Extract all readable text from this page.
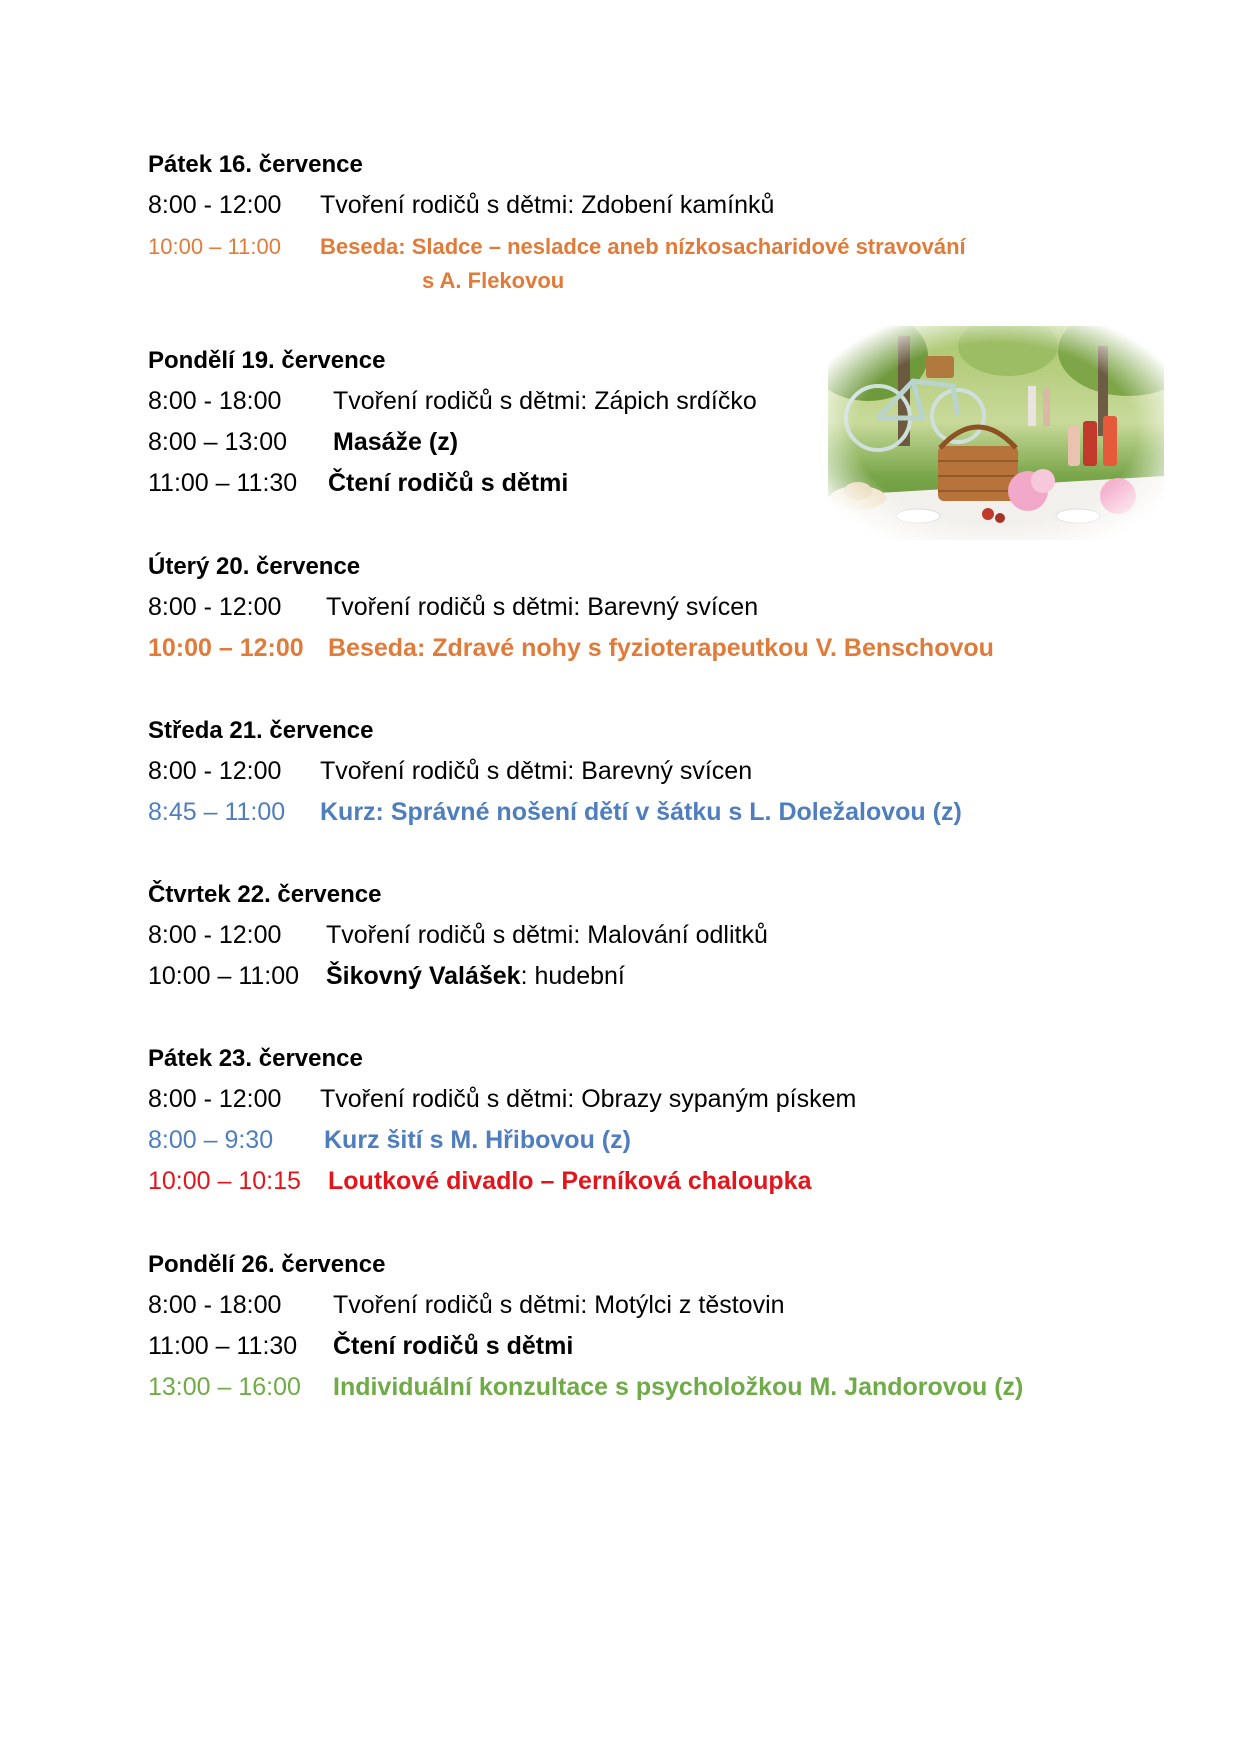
Pátek 16. července
8:00 - 12:00 Tvoření rodičů s dětmi: Zdobení kamínků
10:00 – 11:00 Beseda: Sladce – nesladce aneb nízkosacharidové stravování
s A. Flekovou
Pondělí 19. července
8:00 - 18:00 Tvoření rodičů s dětmi: Zápich srdíčko
8:00 – 13:00 Masáže (z)
11:00 – 11:30 Čtení rodičů s dětmi
Úterý 20. července
8:00 - 12:00 Tvoření rodičů s dětmi: Barevný svícen
10:00 – 12:00 Beseda: Zdravé nohy s fyzioterapeutkou V. Benschovou
Středa 21. července
8:00 - 12:00 Tvoření rodičů s dětmi: Barevný svícen
8:45 – 11:00 Kurz: Správné nošení dětí v šátku s L. Doležalovou (z)
Čtvrtek 22. července
8:00 - 12:00 Tvoření rodičů s dětmi: Malování odlitků
10:00 – 11:00 Šikovný Valášek: hudební
Pátek 23. července
8:00 - 12:00 Tvoření rodičů s dětmi: Obrazy sypaným pískem
8:00 – 9:30 Kurz šití s M. Hřibovou (z)
10:00 – 10:15 Loutkové divadlo – Perníková chaloupka
Pondělí 26. července
8:00 - 18:00 Tvoření rodičů s dětmi: Motýlci z těstovin
11:00 – 11:30 Čtení rodičů s dětmi
13:00 – 16:00 Individuální konzultace s psycholožkou M. Jandorovou (z)
